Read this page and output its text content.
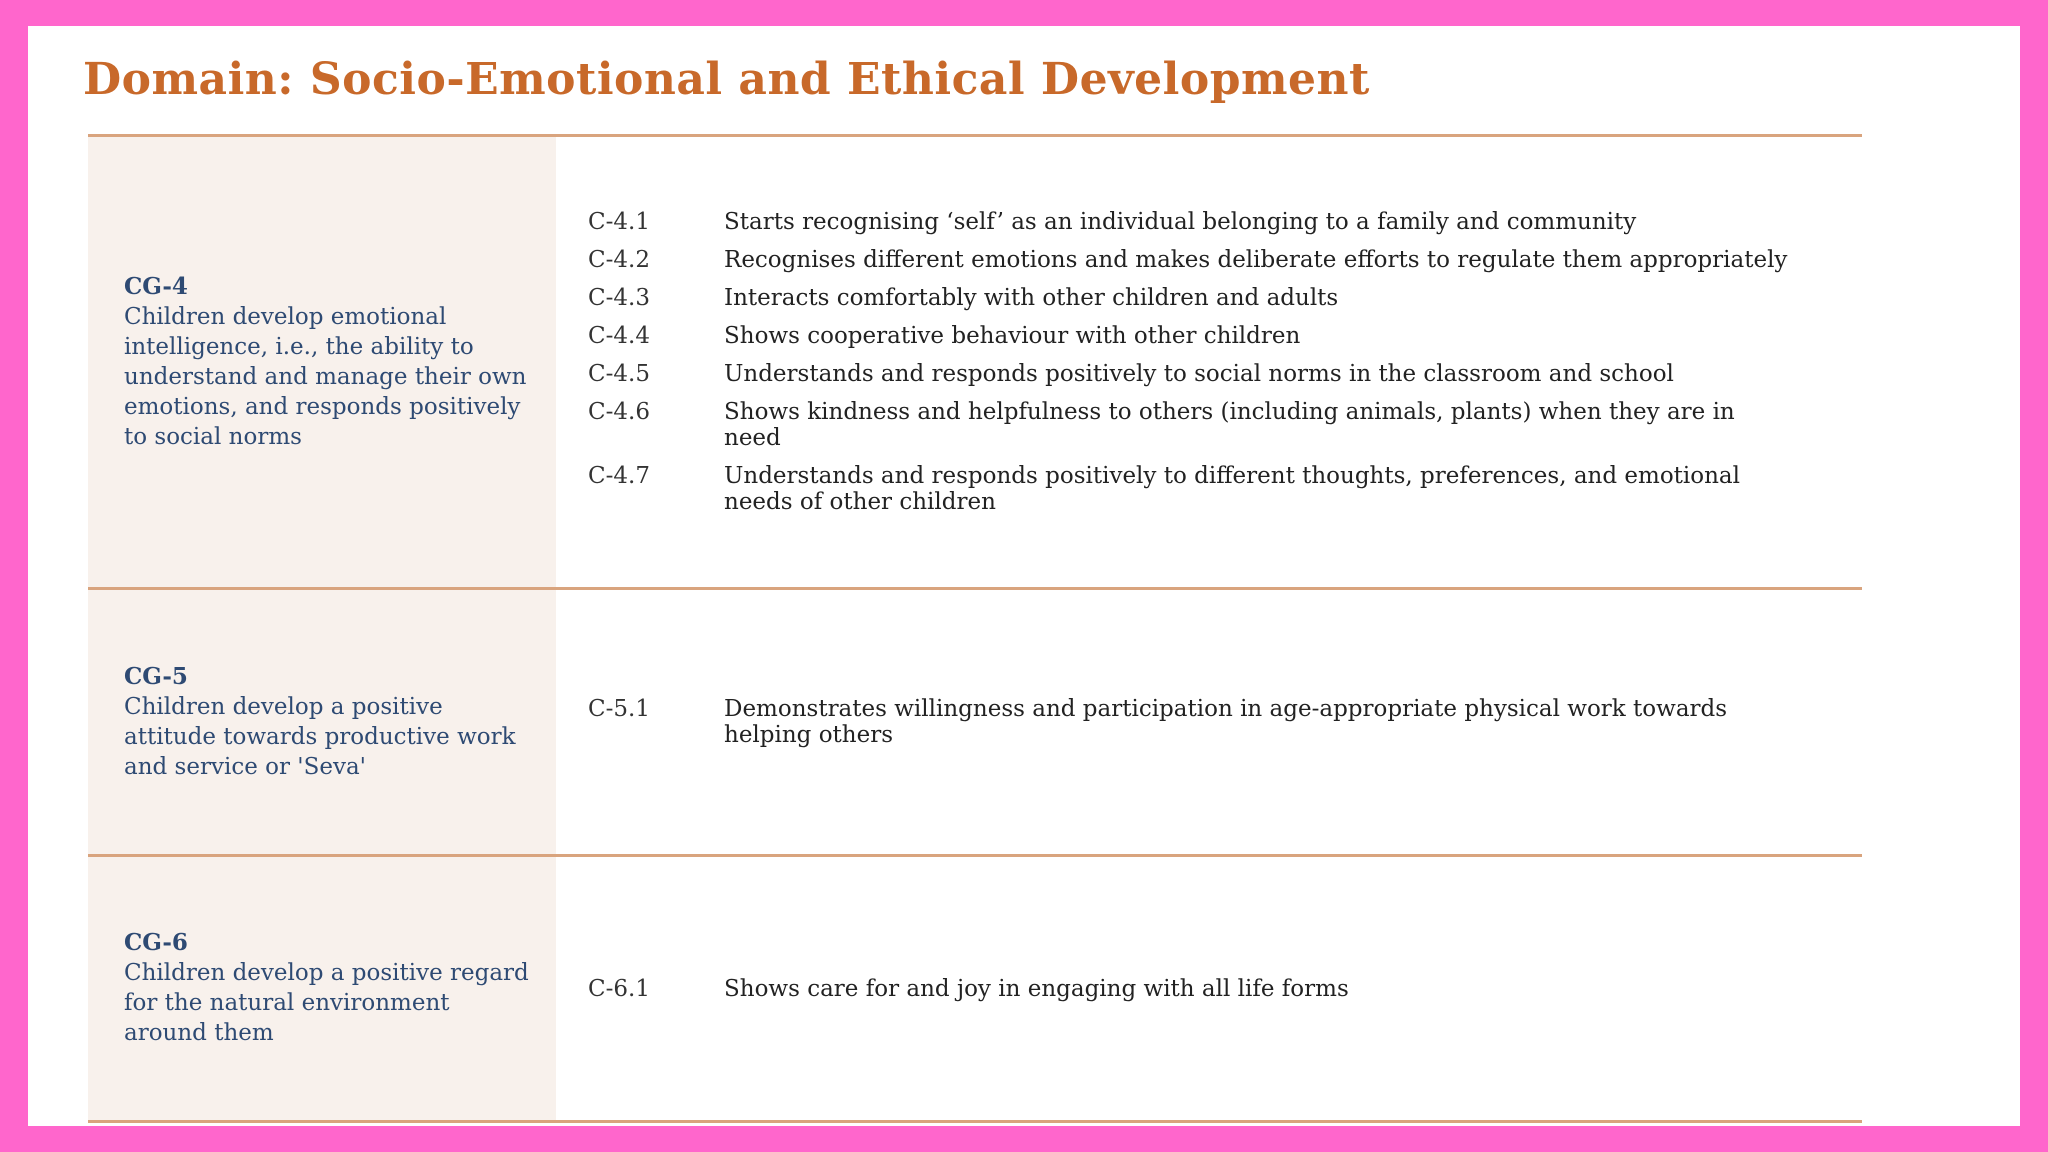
Domain: Socio-Emotional and Ethical Development
CG-4
Children develop emotional intelligence, i.e., the ability to understand and manage their own emotions, and responds positively to social norms
C-4.1	Starts recognising ‘self’ as an individual belonging to a family and community
C-4.2	Recognises different emotions and makes deliberate efforts to regulate them appropriately
C-4.3	Interacts comfortably with other children and adults
C-4.4	Shows cooperative behaviour with other children
C-4.5	Understands and responds positively to social norms in the classroom and school
C-4.6	Shows kindness and helpfulness to others (including animals, plants) when they are in need
C-4.7	Understands and responds positively to different thoughts, preferences, and emotional needs of other children
CG-5
Children develop a positive attitude towards productive work and service or 'Seva'
C-5.1	Demonstrates willingness and participation in age-appropriate physical work towards helping others
CG-6
Children develop a positive regard for the natural environment around them
C-6.1	Shows care for and joy in engaging with all life forms
